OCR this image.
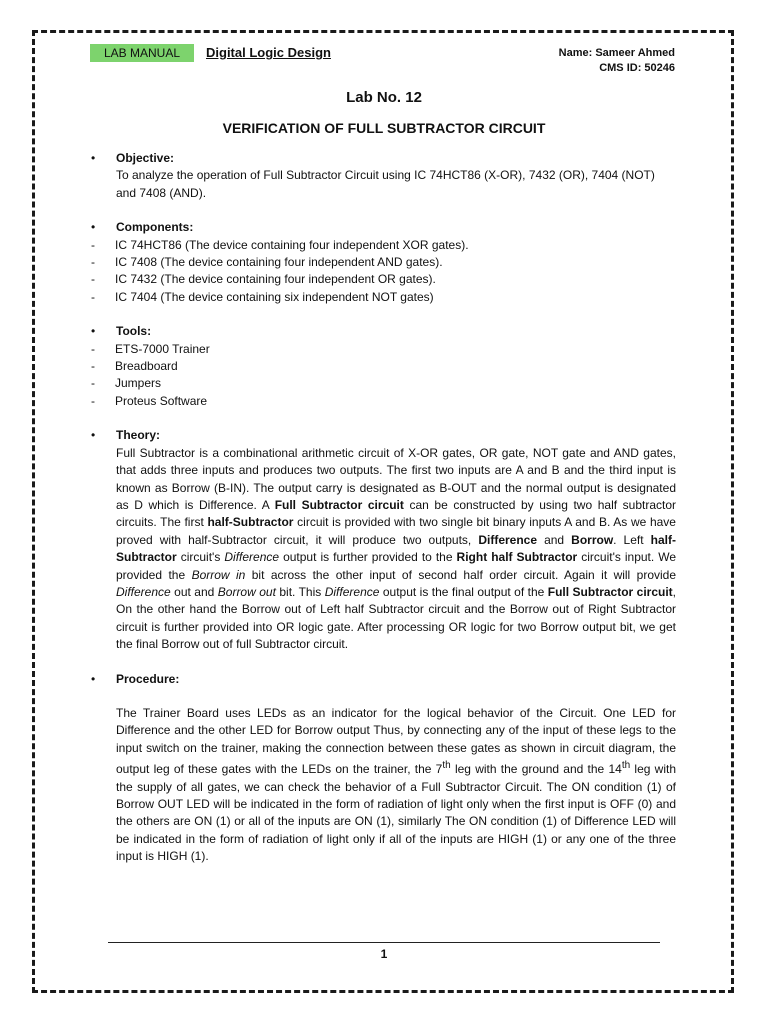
LAB MANUAL	Digital Logic Design	Name: Sameer Ahmed
CMS ID: 50246
Lab No. 12
VERIFICATION OF FULL SUBTRACTOR CIRCUIT
• Objective:
To analyze the operation of Full Subtractor Circuit using IC 74HCT86 (X-OR), 7432 (OR), 7404 (NOT) and 7408 (AND).
• Components:
- IC 74HCT86 (The device containing four independent XOR gates).
- IC 7408 (The device containing four independent AND gates).
- IC 7432 (The device containing four independent OR gates).
- IC 7404 (The device containing six independent NOT gates)
• Tools:
- ETS-7000 Trainer
- Breadboard
- Jumpers
- Proteus Software
• Theory:
Full Subtractor is a combinational arithmetic circuit of X-OR gates, OR gate, NOT gate and AND gates, that adds three inputs and produces two outputs. The first two inputs are A and B and the third input is known as Borrow (B-IN). The output carry is designated as B-OUT and the normal output is designated as D which is Difference. A Full Subtractor circuit can be constructed by using two half subtractor circuits. The first half-Subtractor circuit is provided with two single bit binary inputs A and B. As we have proved with half-Subtractor circuit, it will produce two outputs, Difference and Borrow. Left half-Subtractor circuit's Difference output is further provided to the Right half Subtractor circuit's input. We provided the Borrow in bit across the other input of second half order circuit. Again it will provide Difference out and Borrow out bit. This Difference output is the final output of the Full Subtractor circuit, On the other hand the Borrow out of Left half Subtractor circuit and the Borrow out of Right Subtractor circuit is further provided into OR logic gate. After processing OR logic for two Borrow output bit, we get the final Borrow out of full Subtractor circuit.
• Procedure:
The Trainer Board uses LEDs as an indicator for the logical behavior of the Circuit. One LED for Difference and the other LED for Borrow output Thus, by connecting any of the input of these legs to the input switch on the trainer, making the connection between these gates as shown in circuit diagram, the output leg of these gates with the LEDs on the trainer, the 7th leg with the ground and the 14th leg with the supply of all gates, we can check the behavior of a Full Subtractor Circuit. The ON condition (1) of Borrow OUT LED will be indicated in the form of radiation of light only when the first input is OFF (0) and the others are ON (1) or all of the inputs are ON (1), similarly The ON condition (1) of Difference LED will be indicated in the form of radiation of light only if all of the inputs are HIGH (1) or any one of the three input is HIGH (1).
1
